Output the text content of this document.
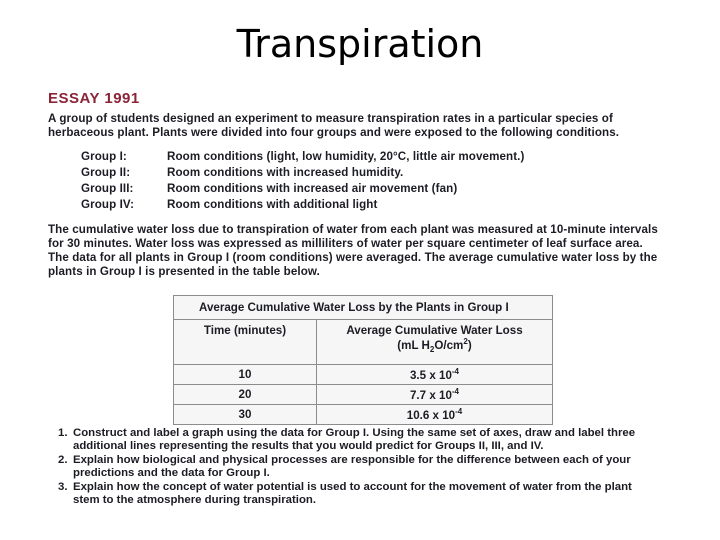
Transpiration
ESSAY 1991

A group of students designed an experiment to measure transpiration rates in a particular species of
herbaceous plant. Plants were divided into four groups and were exposed to the following conditions.

Group I:	Room conditions (light, low humidity, 20°C, little air movement.)
Group II:	Room conditions with increased humidity.
Group III:	Room conditions with increased air movement (fan)
Group IV:	Room conditions with additional light

The cumulative water loss due to transpiration of water from each plant was measured at 10-minute intervals
for 30 minutes. Water loss was expressed as milliliters of water per square centimeter of leaf surface area.
The data for all plants in Group I (room conditions) were averaged. The average cumulative water loss by the
plants in Group I is presented in the table below.

Average Cumulative Water Loss by the Plants in Group I	
Time (minutes)	Average Cumulative Water Loss
(mL $H_2O/cm^2$)

10	3.5 x $10^{-4}$
20	7.7 x $10^{-4}$
30	10.6 x $10^{-4}$
1. Construct and label a graph using the data for Group I. Using the same set of axes, draw and label three
additional lines representing the results that you would predict for Groups II, III, and IV.
2. Explain how biological and physical processes are responsible for the difference between each of your
predictions and the data for Group I.
3. Explain how the concept of water potential is used to account for the movement of water from the plant
stem to the atmosphere during transpiration.
